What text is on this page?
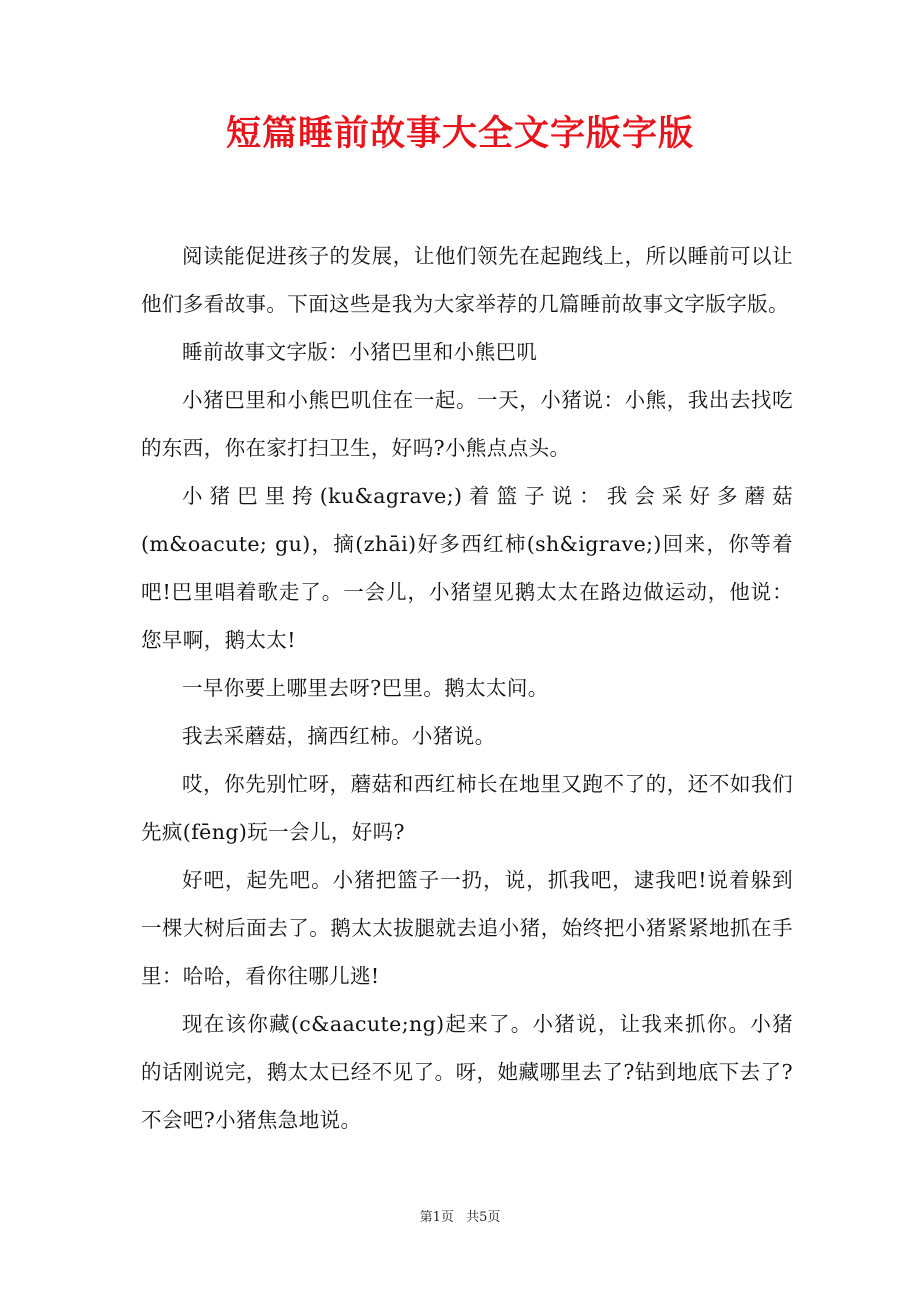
短篇睡前故事大全文字版字版

阅读能促进孩子的发展，让他们领先在起跑线上，所以睡前可以让他们多看故事。下面这些是我为大家举荐的几篇睡前故事文字版字版。

睡前故事文字版：小猪巴里和小熊巴叽

小猪巴里和小熊巴叽住在一起。一天，小猪说：小熊，我出去找吃的东西，你在家打扫卫生，好吗?小熊点点头。

小猪巴里挎(ku&agrave;)着篮子说：我会采好多蘑菇(m&oacute; gu)，摘(zhāi)好多西红柿(sh&igrave;)回来，你等着吧!巴里唱着歌走了。一会儿，小猪望见鹅太太在路边做运动，他说：您早啊，鹅太太!

一早你要上哪里去呀?巴里。鹅太太问。

我去采蘑菇，摘西红柿。小猪说。

哎，你先别忙呀，蘑菇和西红柿长在地里又跑不了的，还不如我们先疯(fēng)玩一会儿，好吗?

好吧，起先吧。小猪把篮子一扔，说，抓我吧，逮我吧!说着躲到一棵大树后面去了。鹅太太拔腿就去追小猪，始终把小猪紧紧地抓在手里：哈哈，看你往哪儿逃!

现在该你藏(c&aacute;ng)起来了。小猪说，让我来抓你。小猪的话刚说完，鹅太太已经不见了。呀，她藏哪里去了?钻到地底下去了?不会吧?小猪焦急地说。

第1页 共5页
